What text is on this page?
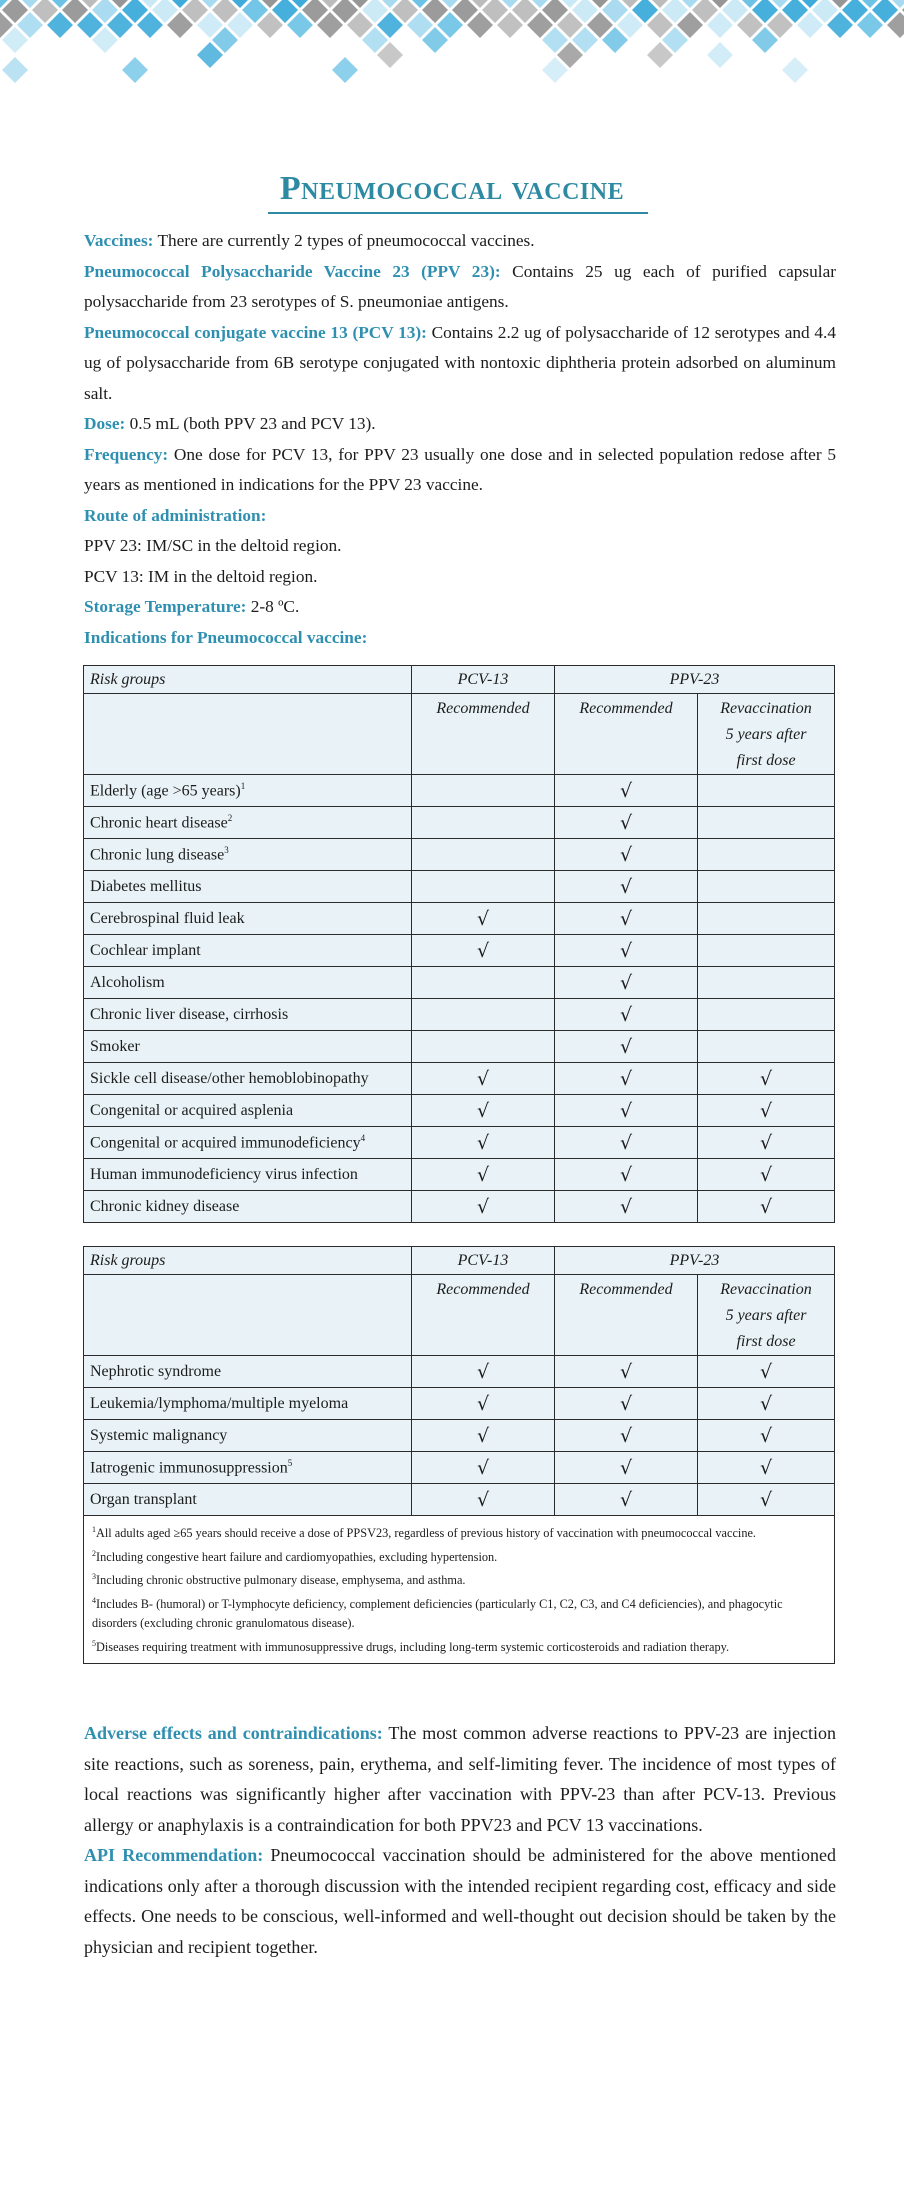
Pneumococcal vaccine

Vaccines: There are currently 2 types of pneumococcal vaccines.

Pneumococcal Polysaccharide Vaccine 23 (PPV 23): Contains 25 ug each of purified capsular polysaccharide from 23 serotypes of S. pneumoniae antigens.

Pneumococcal conjugate vaccine 13 (PCV 13): Contains 2.2 ug of polysaccharide of 12 serotypes and 4.4 ug of polysaccharide from 6B serotype conjugated with nontoxic diphtheria protein adsorbed on aluminum salt.

Dose: 0.5 mL (both PPV 23 and PCV 13).

Frequency: One dose for PCV 13, for PPV 23 usually one dose and in selected population redose after 5 years as mentioned in indications for the PPV 23 vaccine.

Route of administration:

PPV 23: IM/SC in the deltoid region.

PCV 13: IM in the deltoid region.

Storage Temperature: 2-8 ºC.

Indications for Pneumococcal vaccine:

Risk groups	PCV-13	PPV-23	
	Recommended	Recommended	Revaccination
5 years after
first dose
Elderly (age >65 years)$^1$		√	
Chronic heart disease$^2$		√	
Chronic lung disease$^3$		√	
Diabetes mellitus		√	
Cerebrospinal fluid leak	√	√	
Cochlear implant	√	√	
Alcoholism		√	
Chronic liver disease, cirrhosis		√	
Smoker		√	
Sickle cell disease/other hemoblobinopathy	√	√	√
Congenital or acquired asplenia	√	√	√
Congenital or acquired immunodeficiency$^4$	√	√	√
Human immunodeficiency virus infection	√	√	√
Chronic kidney disease	√	√	√
Risk groups	PCV-13	PPV-23	
	Recommended	Recommended	Revaccination
5 years after
first dose
Nephrotic syndrome	√	√	√
Leukemia/lymphoma/multiple myeloma	√	√	√
Systemic malignancy	√	√	√
Iatrogenic immunosuppression$^5$	√	√	√
Organ transplant	√	√	√

$^1$All adults aged ≥65 years should receive a dose of PPSV23, regardless of previous history of vaccination with pneumococcal vaccine.

$^2$Including congestive heart failure and cardiomyopathies, excluding hypertension.

$^3$Including chronic obstructive pulmonary disease, emphysema, and asthma.

$^4$Includes B- (humoral) or T-lymphocyte deficiency, complement deficiencies (particularly C1, C2, C3, and C4 deficiencies), and phagocytic disorders (excluding chronic granulomatous disease).

$^5$Diseases requiring treatment with immunosuppressive drugs, including long-term systemic corticosteroids and radiation therapy.			

Adverse effects and contraindications: The most common adverse reactions to PPV-23 are injection site reactions, such as soreness, pain, erythema, and self-limiting fever. The incidence of most types of local reactions was significantly higher after vaccination with PPV-23 than after PCV-13. Previous allergy or anaphylaxis is a contraindication for both PPV23 and PCV 13 vaccinations.

API Recommendation: Pneumococcal vaccination should be administered for the above mentioned indications only after a thorough discussion with the intended recipient regarding cost, efficacy and side effects. One needs to be conscious, well-informed and well-thought out decision should be taken by the physician and recipient together.
